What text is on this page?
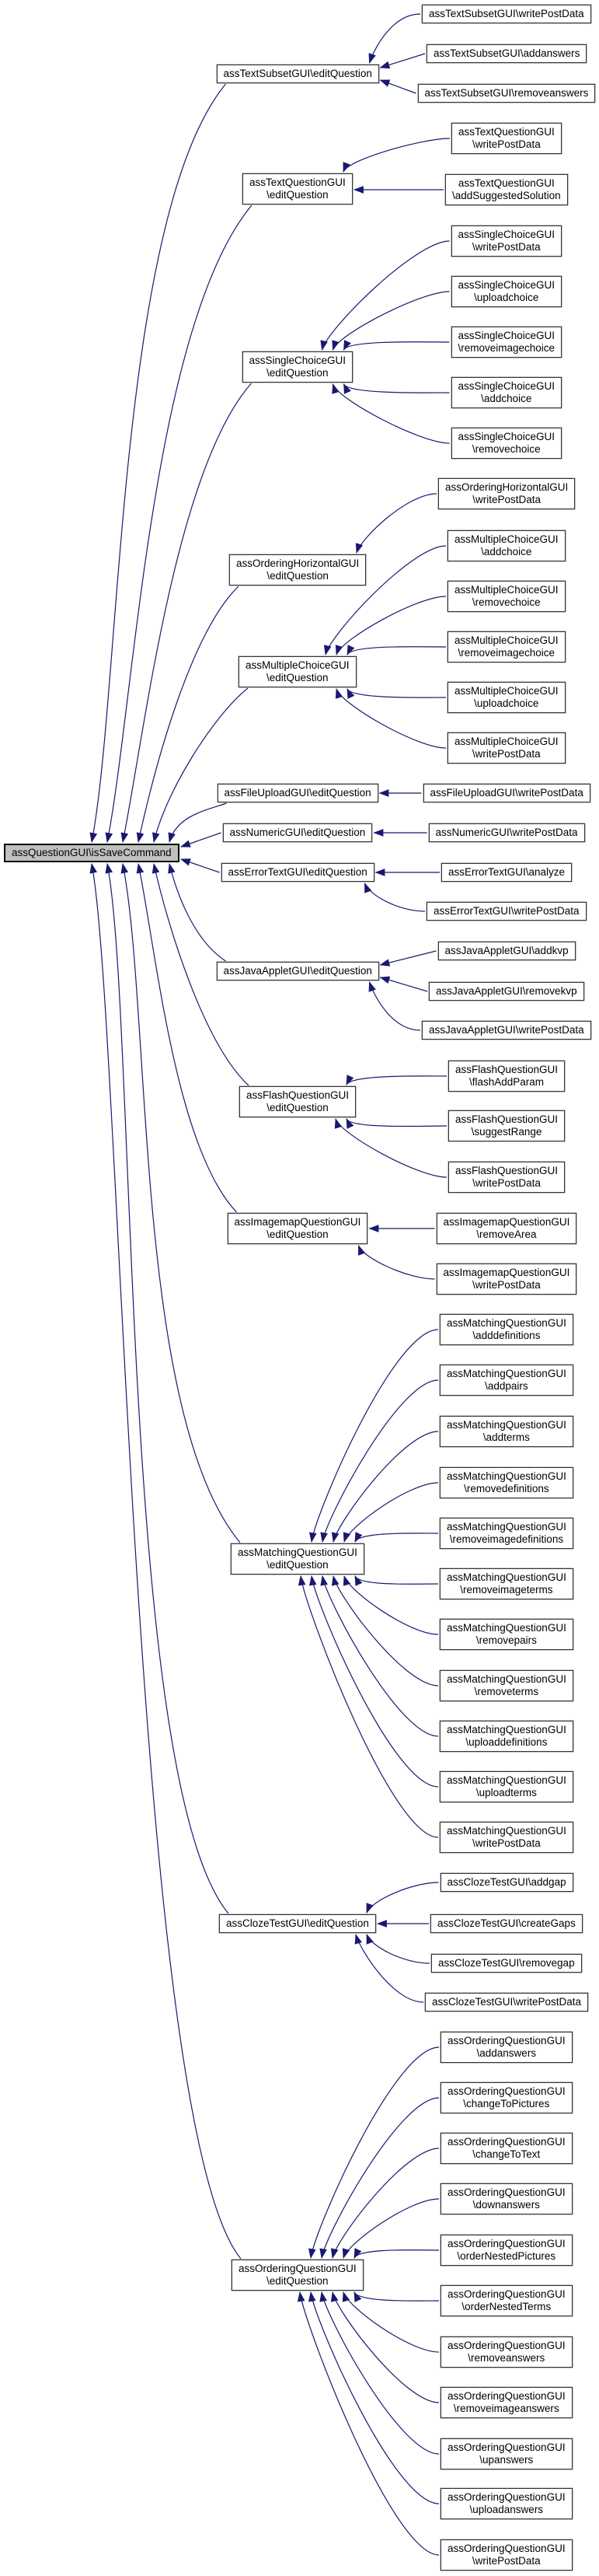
assQuestionGUI\isSaveCommand
assTextSubsetGUI\editQuestion
assTextQuestionGUI
\editQuestion
assSingleChoiceGUI
\editQuestion
assOrderingHorizontalGUI
\editQuestion
assMultipleChoiceGUI
\editQuestion
assFileUploadGUI\editQuestion
assNumericGUI\editQuestion
assErrorTextGUI\editQuestion
assJavaAppletGUI\editQuestion
assFlashQuestionGUI
\editQuestion
assImagemapQuestionGUI
\editQuestion
assMatchingQuestionGUI
\editQuestion
assClozeTestGUI\editQuestion
assOrderingQuestionGUI
\editQuestion
assTextSubsetGUI\writePostData
assTextSubsetGUI\addanswers
assTextSubsetGUI\removeanswers
assTextQuestionGUI
\writePostData
assTextQuestionGUI
\addSuggestedSolution
assSingleChoiceGUI
\writePostData
assSingleChoiceGUI
\uploadchoice
assSingleChoiceGUI
\removeimagechoice
assSingleChoiceGUI
\addchoice
assSingleChoiceGUI
\removechoice
assOrderingHorizontalGUI
\writePostData
assMultipleChoiceGUI
\addchoice
assMultipleChoiceGUI
\removechoice
assMultipleChoiceGUI
\removeimagechoice
assMultipleChoiceGUI
\uploadchoice
assMultipleChoiceGUI
\writePostData
assFileUploadGUI\writePostData
assNumericGUI\writePostData
assErrorTextGUI\analyze
assErrorTextGUI\writePostData
assJavaAppletGUI\addkvp
assJavaAppletGUI\removekvp
assJavaAppletGUI\writePostData
assFlashQuestionGUI
\flashAddParam
assFlashQuestionGUI
\suggestRange
assFlashQuestionGUI
\writePostData
assImagemapQuestionGUI
\removeArea
assImagemapQuestionGUI
\writePostData
assMatchingQuestionGUI
\adddefinitions
assMatchingQuestionGUI
\addpairs
assMatchingQuestionGUI
\addterms
assMatchingQuestionGUI
\removedefinitions
assMatchingQuestionGUI
\removeimagedefinitions
assMatchingQuestionGUI
\removeimageterms
assMatchingQuestionGUI
\removepairs
assMatchingQuestionGUI
\removeterms
assMatchingQuestionGUI
\uploaddefinitions
assMatchingQuestionGUI
\uploadterms
assMatchingQuestionGUI
\writePostData
assClozeTestGUI\addgap
assClozeTestGUI\createGaps
assClozeTestGUI\removegap
assClozeTestGUI\writePostData
assOrderingQuestionGUI
\addanswers
assOrderingQuestionGUI
\changeToPictures
assOrderingQuestionGUI
\changeToText
assOrderingQuestionGUI
\downanswers
assOrderingQuestionGUI
\orderNestedPictures
assOrderingQuestionGUI
\orderNestedTerms
assOrderingQuestionGUI
\removeanswers
assOrderingQuestionGUI
\removeimageanswers
assOrderingQuestionGUI
\upanswers
assOrderingQuestionGUI
\uploadanswers
assOrderingQuestionGUI
\writePostData
